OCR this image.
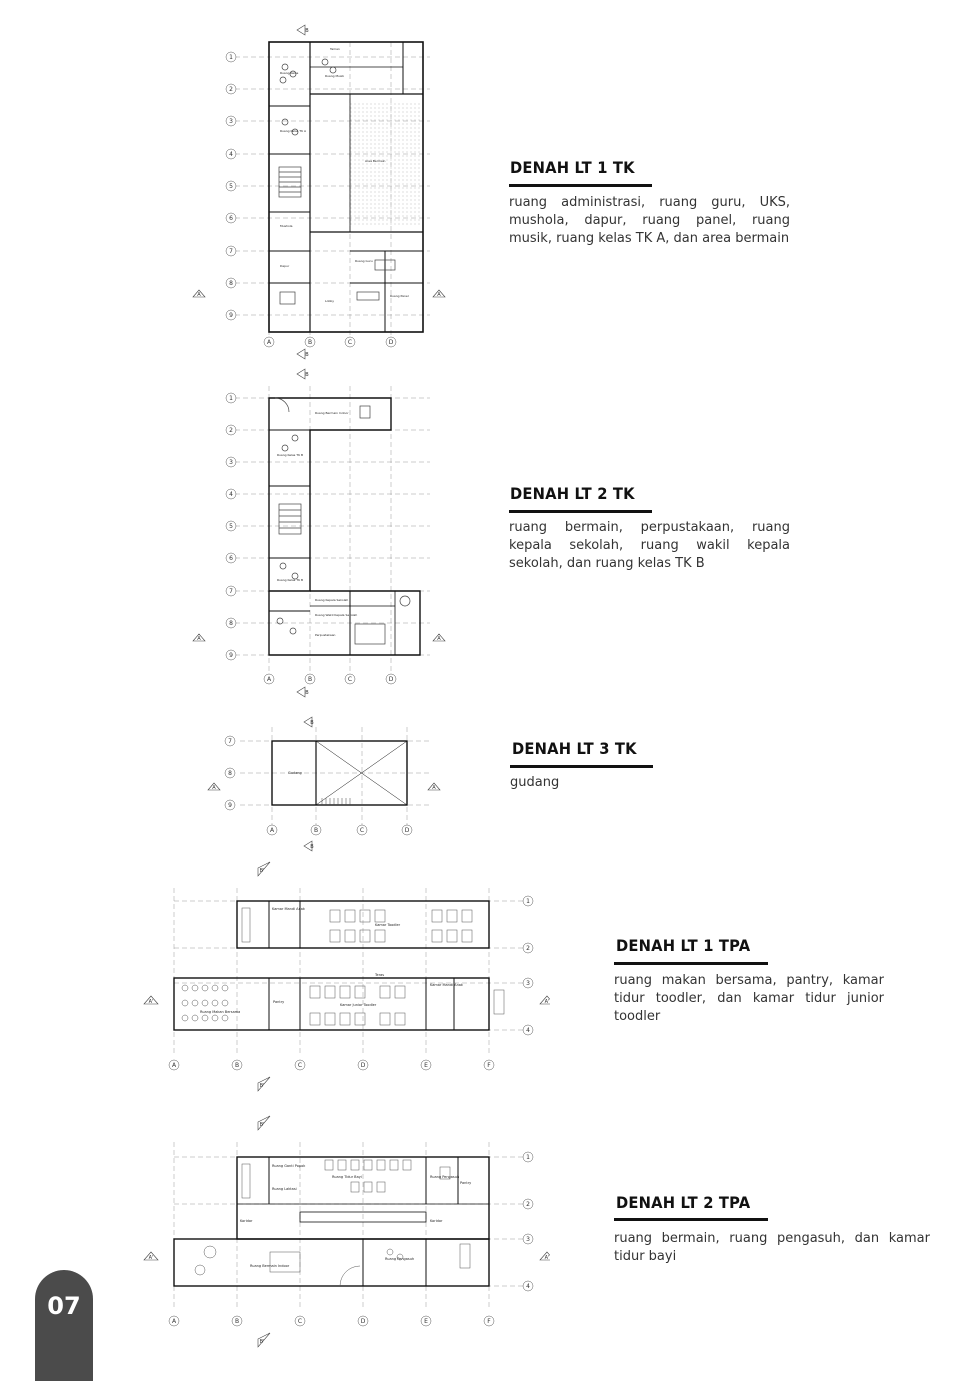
Taman
Ruang Kelas
Ruang Musik
Ruang Kelas TK A
Area Bermain
Mushola
Dapur
Ruang Guru
Ruang Panel
Lobby
1
2
3
4
5
6
7
8
9
A	B	C	D
A	A
B
B
Ruang Bermain Indoor
Ruang Kelas TK B
Ruang Kelas TK B
Ruang Kepala Sekolah
Ruang Wakil Kepala Sekolah
Perpustakaan
1
2
3
4
5
6
7
8
9
A	B	C	D
A	A
B
B
Gudang
7
8
9
A	B	C	D
A	A
B
B
Kamar Mandi Anak
Kamar Toodler
Teras
Kamar Junior Toodler
Pantry
Ruang Makan Bersama
Kamar Mandi Anak
1
2
3
4
A	B	C	D	E	F
A'	A'
B'
B'
Ruang Ganti Popok
Ruang Tidur Bayi	Ruang Pengasuh
Pantry
Koridor	Koridor
Ruang Bermain Indoor
Ruang Pengasuh
Ruang Laktasi
1
2
3
4
A	B	C	D	E	F
A'	A'
B'
B'
DENAH LT 1 TK
ruang administrasi, ruang guru, UKS, mushola, dapur, ruang panel, ruang musik, ruang kelas TK A, dan area bermain
DENAH LT 2 TK
ruang bermain, perpustakaan, ruang kepala sekolah, ruang wakil kepala sekolah, dan ruang kelas TK B
DENAH LT 3 TK
gudang
DENAH LT 1 TPA
ruang makan bersama, pantry, kamar tidur toodler, dan kamar tidur junior toodler
DENAH LT 2 TPA
ruang bermain, ruang pengasuh, dan kamar tidur bayi
07
